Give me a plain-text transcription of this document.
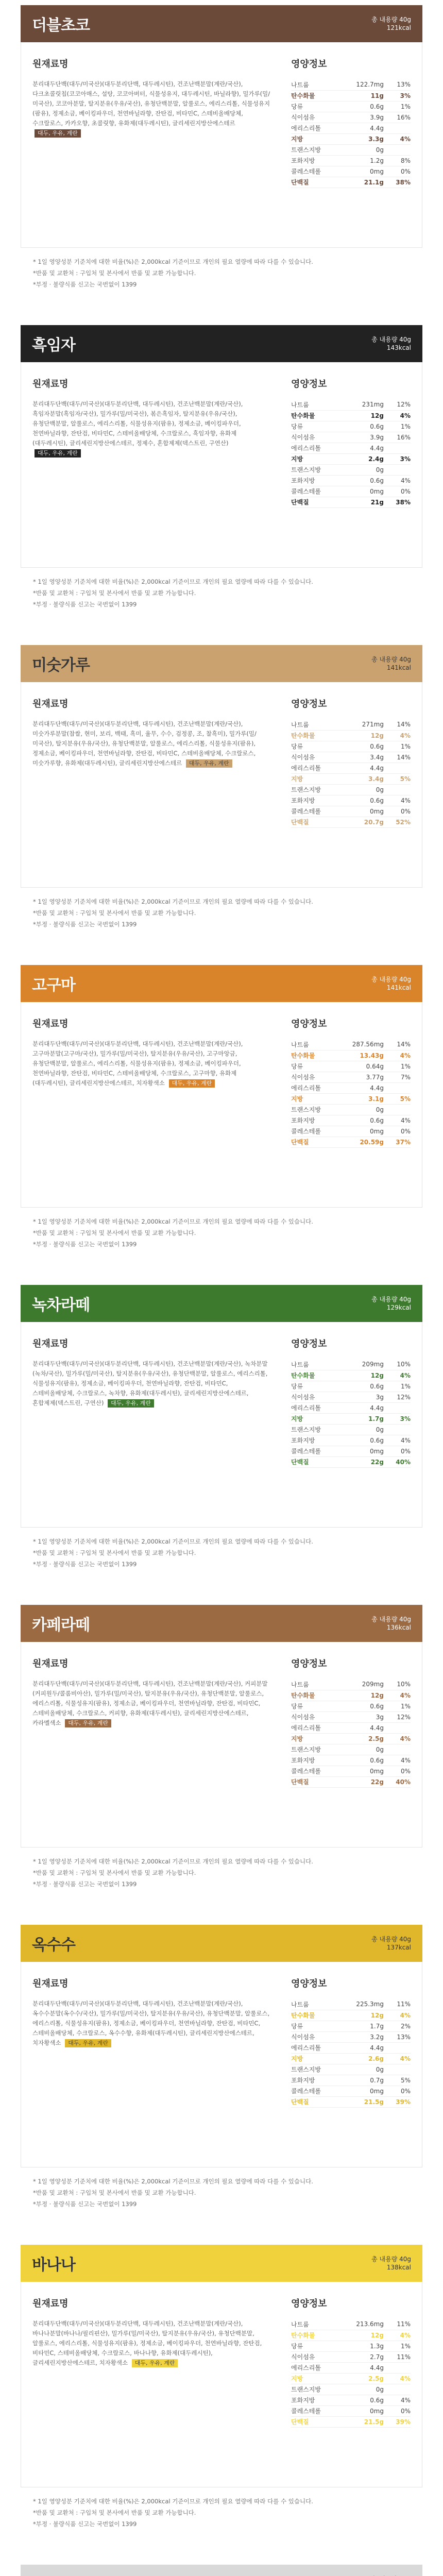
더블초코	총 내용량 40g
121kcal
원재료명
분리대두단백(대두/미국산)(대두분리단백, 대두레시틴), 건조난백분말(계란/국산), 다크초콜릿칩(코코아매스, 설탕, 코코아버터, 식물성유지, 대두레시틴, 바닐라향), 밀가루(밀/미국산), 코코아분말, 탈지분유(우유/국산), 유청단백분말, 알룰로스, 에리스리톨, 식물성유지(팜유), 정제소금, 베이킹파우더, 천연바닐라향, 잔탄검, 비타민C, 스테비올배당체, 수크랄로스, 카카오향, 초콜릿향, 유화제(대두레시틴), 글리세린지방산에스테르 대두, 우유, 계란
영양정보
나트륨	122.7mg	13%
탄수화물	11g	3%
당류	0.6g	1%
식이섬유	3.9g	16%
에리스리톨	4.4g	
지방	3.3g	4%
트랜스지방	0g	
포화지방	1.2g	8%
콜레스테롤	0mg	0%
단백질	21.1g	38%
* 1일 영양성분 기준치에 대한 비율(%)은 2,000kcal 기준이므로 개인의 필요 열량에 따라 다를 수 있습니다.
*반품 및 교환처 : 구입처 및 본사에서 반품 및 교환 가능합니다.
*부정 · 불량식품 신고는 국번없이 1399
흑임자	총 내용량 40g
143kcal
원재료명
분리대두단백(대두/미국산)(대두분리단백, 대두레시틴), 건조난백분말(계란/국산), 흑임자분말(흑임자/국산), 밀가루(밀/미국산), 볶은흑임자, 탈지분유(우유/국산), 유청단백분말, 알룰로스, 에리스리톨, 식물성유지(팜유), 정제소금, 베이킹파우더, 천연바닐라향, 잔탄검, 비타민C, 스테비올배당체, 수크랄로스, 흑임자향, 유화제(대두레시틴), 글리세린지방산에스테르, 정제수, 혼합제제(덱스트린, 구연산) 대두, 우유, 계란
영양정보
나트륨	231mg	12%
탄수화물	12g	4%
당류	0.6g	1%
식이섬유	3.9g	16%
에리스리톨	4.4g	
지방	2.4g	3%
트랜스지방	0g	
포화지방	0.6g	4%
콜레스테롤	0mg	0%
단백질	21g	38%
* 1일 영양성분 기준치에 대한 비율(%)은 2,000kcal 기준이므로 개인의 필요 열량에 따라 다를 수 있습니다.
*반품 및 교환처 : 구입처 및 본사에서 반품 및 교환 가능합니다.
*부정 · 불량식품 신고는 국번없이 1399
미숫가루	총 내용량 40g
141kcal
원재료명
분리대두단백(대두/미국산)(대두분리단백, 대두레시틴), 건조난백분말(계란/국산), 미숫가루분말(찹쌀, 현미, 보리, 백태, 흑미, 율무, 수수, 검정콩, 조, 찰흑미), 밀가루(밀/미국산), 탈지분유(우유/국산), 유청단백분말, 알룰로스, 에리스리톨, 식물성유지(팜유), 정제소금, 베이킹파우더, 천연바닐라향, 잔탄검, 비타민C, 스테비올배당체, 수크랄로스, 미숫가루향, 유화제(대두레시틴), 글리세린지방산에스테르 대두, 우유, 계란
영양정보
나트륨	271mg	14%
탄수화물	12g	4%
당류	0.6g	1%
식이섬유	3.4g	14%
에리스리톨	4.4g	
지방	3.4g	5%
트랜스지방	0g	
포화지방	0.6g	4%
콜레스테롤	0mg	0%
단백질	20.7g	52%
* 1일 영양성분 기준치에 대한 비율(%)은 2,000kcal 기준이므로 개인의 필요 열량에 따라 다를 수 있습니다.
*반품 및 교환처 : 구입처 및 본사에서 반품 및 교환 가능합니다.
*부정 · 불량식품 신고는 국번없이 1399
고구마	총 내용량 40g
141kcal
원재료명
분리대두단백(대두/미국산)(대두분리단백, 대두레시틴), 건조난백분말(계란/국산), 고구마분말(고구마/국산), 밀가루(밀/미국산), 탈지분유(우유/국산), 고구마앙금, 유청단백분말, 알룰로스, 에리스리톨, 식물성유지(팜유), 정제소금, 베이킹파우더, 천연바닐라향, 잔탄검, 비타민C, 스테비올배당체, 수크랄로스, 고구마향, 유화제(대두레시틴), 글리세린지방산에스테르, 치자황색소 대두, 우유, 계란
영양정보
나트륨	287.56mg	14%
탄수화물	13.43g	4%
당류	0.64g	1%
식이섬유	3.77g	7%
에리스리톨	4.4g	
지방	3.1g	5%
트랜스지방	0g	
포화지방	0.6g	4%
콜레스테롤	0mg	0%
단백질	20.59g	37%
* 1일 영양성분 기준치에 대한 비율(%)은 2,000kcal 기준이므로 개인의 필요 열량에 따라 다를 수 있습니다.
*반품 및 교환처 : 구입처 및 본사에서 반품 및 교환 가능합니다.
*부정 · 불량식품 신고는 국번없이 1399
녹차라떼	총 내용량 40g
129kcal
원재료명
분리대두단백(대두/미국산)(대두분리단백, 대두레시틴), 건조난백분말(계란/국산), 녹차분말(녹차/국산), 밀가루(밀/미국산), 탈지분유(우유/국산), 유청단백분말, 알룰로스, 에리스리톨, 식물성유지(팜유), 정제소금, 베이킹파우더, 천연바닐라향, 잔탄검, 비타민C, 스테비올배당체, 수크랄로스, 녹차향, 유화제(대두레시틴), 글리세린지방산에스테르, 혼합제제(덱스트린, 구연산) 대두, 우유, 계란
영양정보
나트륨	209mg	10%
탄수화물	12g	4%
당류	0.6g	1%
식이섬유	3g	12%
에리스리톨	4.4g	
지방	1.7g	3%
트랜스지방	0g	
포화지방	0.6g	4%
콜레스테롤	0mg	0%
단백질	22g	40%
* 1일 영양성분 기준치에 대한 비율(%)은 2,000kcal 기준이므로 개인의 필요 열량에 따라 다를 수 있습니다.
*반품 및 교환처 : 구입처 및 본사에서 반품 및 교환 가능합니다.
*부정 · 불량식품 신고는 국번없이 1399
카페라떼	총 내용량 40g
136kcal
원재료명
분리대두단백(대두/미국산)(대두분리단백, 대두레시틴), 건조난백분말(계란/국산), 커피분말(커피원두/콜롬비아산), 밀가루(밀/미국산), 탈지분유(우유/국산), 유청단백분말, 알룰로스, 에리스리톨, 식물성유지(팜유), 정제소금, 베이킹파우더, 천연바닐라향, 잔탄검, 비타민C, 스테비올배당체, 수크랄로스, 커피향, 유화제(대두레시틴), 글리세린지방산에스테르, 카라멜색소 대두, 우유, 계란
영양정보
나트륨	209mg	10%
탄수화물	12g	4%
당류	0.6g	1%
식이섬유	3g	12%
에리스리톨	4.4g	
지방	2.5g	4%
트랜스지방	0g	
포화지방	0.6g	4%
콜레스테롤	0mg	0%
단백질	22g	40%
* 1일 영양성분 기준치에 대한 비율(%)은 2,000kcal 기준이므로 개인의 필요 열량에 따라 다를 수 있습니다.
*반품 및 교환처 : 구입처 및 본사에서 반품 및 교환 가능합니다.
*부정 · 불량식품 신고는 국번없이 1399
옥수수	총 내용량 40g
137kcal
원재료명
분리대두단백(대두/미국산)(대두분리단백, 대두레시틴), 건조난백분말(계란/국산), 옥수수분말(옥수수/국산), 밀가루(밀/미국산), 탈지분유(우유/국산), 유청단백분말, 알룰로스, 에리스리톨, 식물성유지(팜유), 정제소금, 베이킹파우더, 천연바닐라향, 잔탄검, 비타민C, 스테비올배당체, 수크랄로스, 옥수수향, 유화제(대두레시틴), 글리세린지방산에스테르, 치자황색소 대두, 우유, 계란
영양정보
나트륨	225.3mg	11%
탄수화물	12g	4%
당류	1.7g	2%
식이섬유	3.2g	13%
에리스리톨	4.4g	
지방	2.6g	4%
트랜스지방	0g	
포화지방	0.7g	5%
콜레스테롤	0mg	0%
단백질	21.5g	39%
* 1일 영양성분 기준치에 대한 비율(%)은 2,000kcal 기준이므로 개인의 필요 열량에 따라 다를 수 있습니다.
*반품 및 교환처 : 구입처 및 본사에서 반품 및 교환 가능합니다.
*부정 · 불량식품 신고는 국번없이 1399
바나나	총 내용량 40g
138kcal
원재료명
분리대두단백(대두/미국산)(대두분리단백, 대두레시틴), 건조난백분말(계란/국산), 바나나분말(바나나/필리핀산), 밀가루(밀/미국산), 탈지분유(우유/국산), 유청단백분말, 알룰로스, 에리스리톨, 식물성유지(팜유), 정제소금, 베이킹파우더, 천연바닐라향, 잔탄검, 비타민C, 스테비올배당체, 수크랄로스, 바나나향, 유화제(대두레시틴), 글리세린지방산에스테르, 치자황색소 대두, 우유, 계란
영양정보
나트륨	213.6mg	11%
탄수화물	12g	4%
당류	1.3g	1%
식이섬유	2.7g	11%
에리스리톨	4.4g	
지방	2.5g	4%
트랜스지방	0g	
포화지방	0.6g	4%
콜레스테롤	0mg	0%
단백질	21.5g	39%
* 1일 영양성분 기준치에 대한 비율(%)은 2,000kcal 기준이므로 개인의 필요 열량에 따라 다를 수 있습니다.
*반품 및 교환처 : 구입처 및 본사에서 반품 및 교환 가능합니다.
*부정 · 불량식품 신고는 국번없이 1399
